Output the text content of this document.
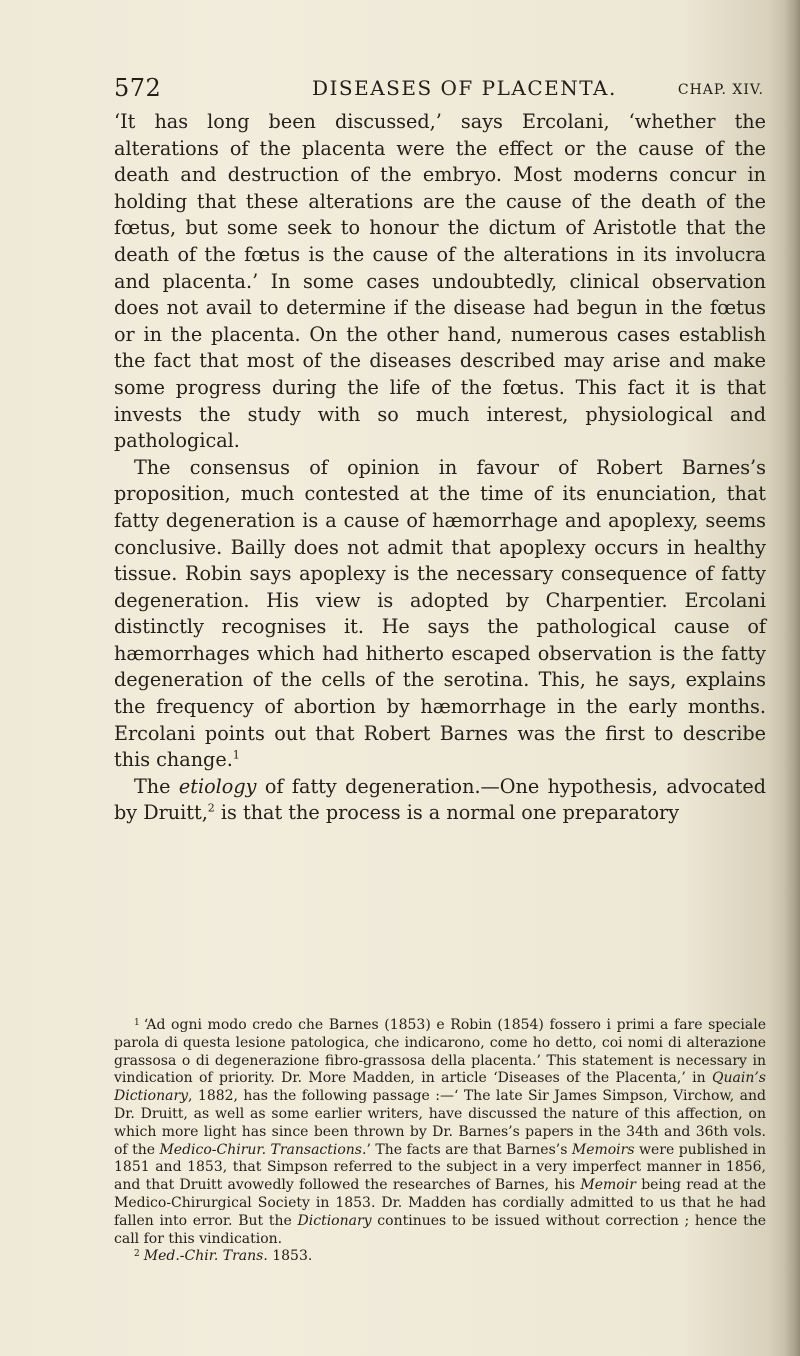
572	DISEASES OF PLACENTA.	CHAP. XIV.

‘It has long been discussed,’ says Ercolani, ‘whether the alterations of the placenta were the effect or the cause of the death and destruction of the embryo. Most moderns concur in holding that these alterations are the cause of the death of the fœtus, but some seek to honour the dictum of Aristotle that the death of the fœtus is the cause of the alterations in its involucra and placenta.’ In some cases undoubtedly, clinical observation does not avail to determine if the disease had begun in the fœtus or in the placenta. On the other hand, numerous cases establish the fact that most of the diseases described may arise and make some progress during the life of the fœtus. This fact it is that invests the study with so much interest, physiological and pathological.

The consensus of opinion in favour of Robert Barnes’s proposition, much contested at the time of its enunciation, that fatty degeneration is a cause of hæmorrhage and apoplexy, seems conclusive. Bailly does not admit that apoplexy occurs in healthy tissue. Robin says apoplexy is the necessary consequence of fatty degeneration. His view is adopted by Charpentier. Ercolani distinctly recognises it. He says the pathological cause of hæmorrhages which had hitherto escaped observation is the fatty degeneration of the cells of the serotina. This, he says, explains the frequency of abortion by hæmorrhage in the early months. Ercolani points out that Robert Barnes was the first to describe this change.$^1$

The etiology of fatty degeneration.—One hypothesis, advocated by Druitt,$^2$ is that the process is a normal one preparatory

$^1$ ‘Ad ogni modo credo che Barnes (1853) e Robin (1854) fossero i primi a fare speciale parola di questa lesione patologica, che indicarono, come ho detto, coi nomi di alterazione grassosa o di degenerazione fibro-grassosa della placenta.’ This statement is necessary in vindication of priority. Dr. More Madden, in article ‘Diseases of the Placenta,’ in Quain’s Dictionary, 1882, has the following passage :—‘ The late Sir James Simpson, Virchow, and Dr. Druitt, as well as some earlier writers, have discussed the nature of this affection, on which more light has since been thrown by Dr. Barnes’s papers in the 34th and 36th vols. of the Medico-Chirur. Transactions.’ The facts are that Barnes’s Memoirs were published in 1851 and 1853, that Simpson referred to the subject in a very imperfect manner in 1856, and that Druitt avowedly followed the researches of Barnes, his Memoir being read at the Medico-Chirurgical Society in 1853. Dr. Madden has cordially admitted to us that he had fallen into error. But the Dictionary continues to be issued without correction ; hence the call for this vindication.

$^2$ Med.-Chir. Trans. 1853.
